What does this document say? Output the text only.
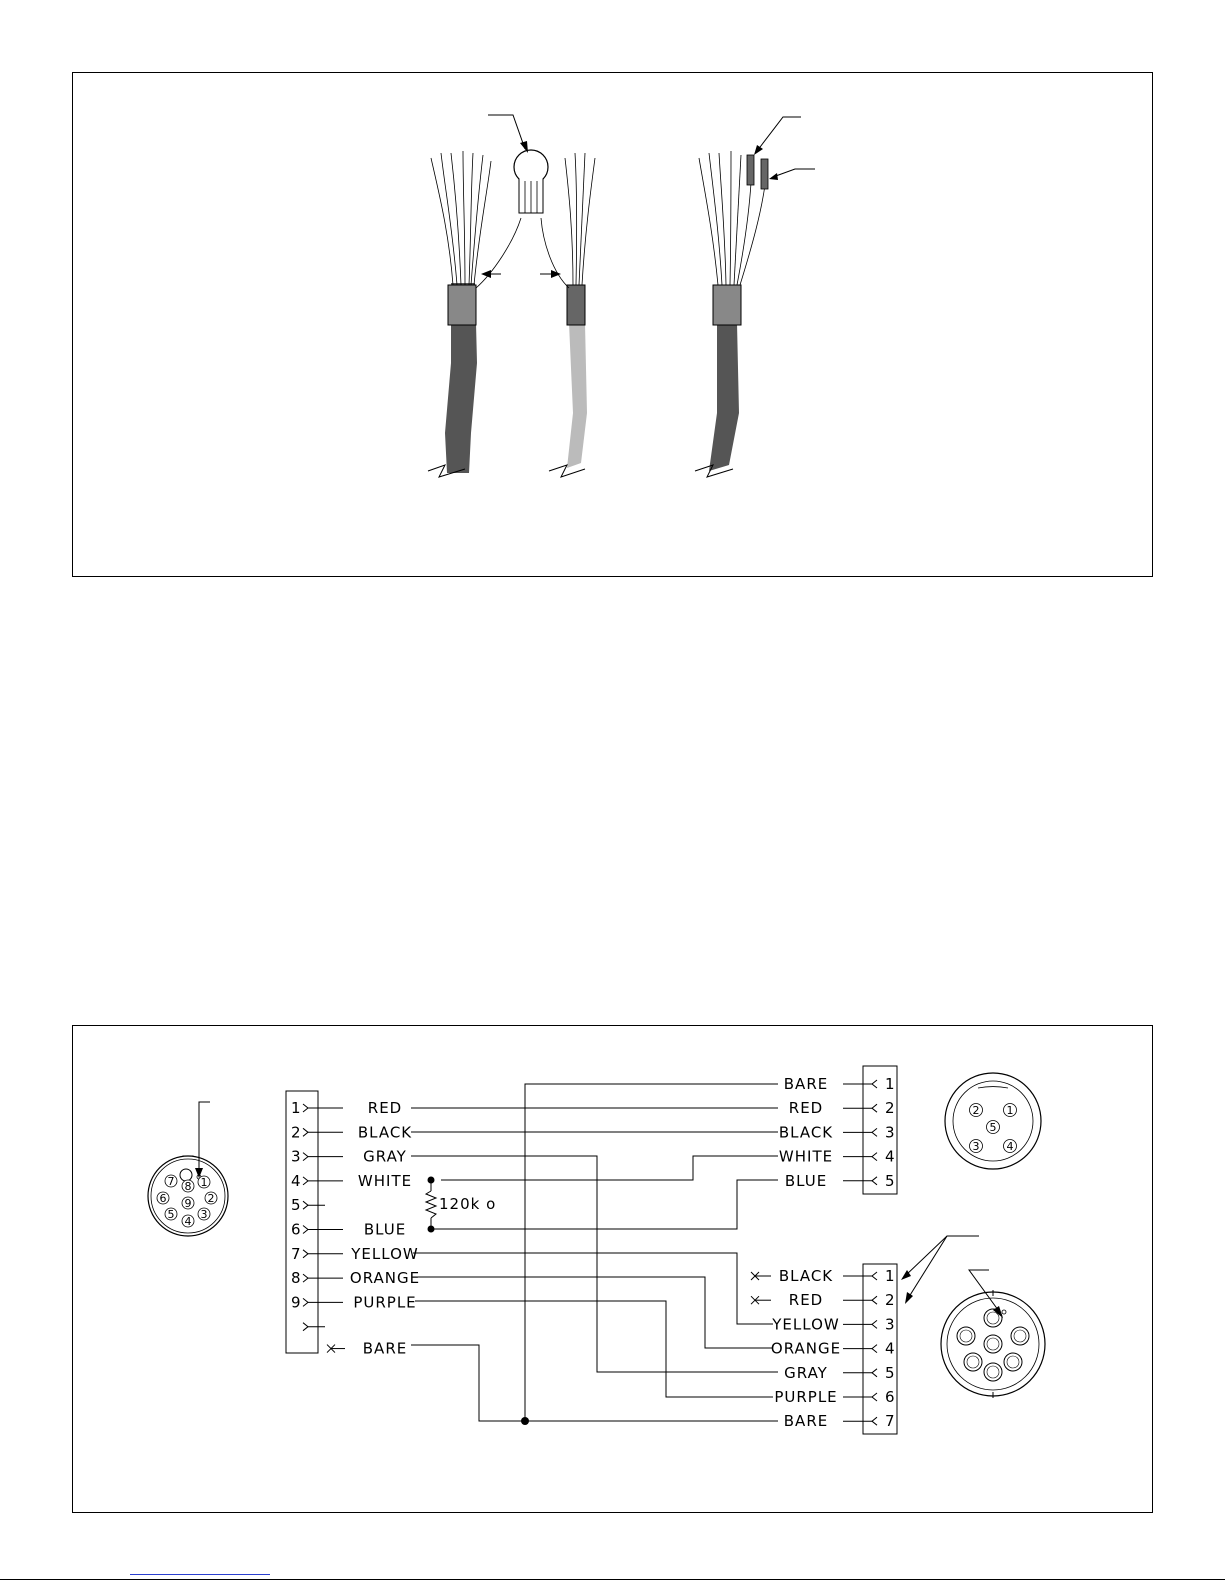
1
2
3
4
5
6
7 8
9
1
2
3
4
5
6
7
8
9
RED
BLACK
GRAY
WHITE
BLUE
YELLOW
ORANGE
PURPLE
BARE
1
2
3
4
5
BARE
RED
BLACK
WHITE
BLUE
1
2
3
4
5
6
7
BLACK
RED
YELLOW
ORANGE
GRAY
PURPLE
BARE
120k o
1
2
3 4
5
